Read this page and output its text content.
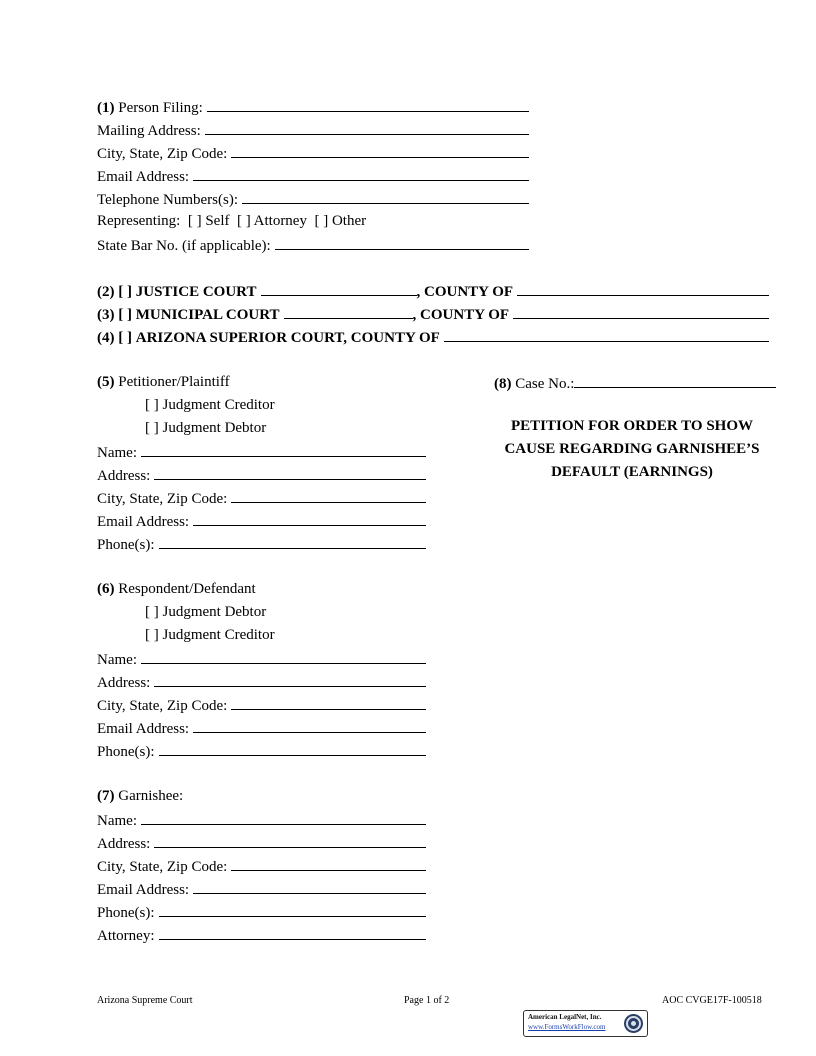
(1)
Person Filing:
Mailing Address:
City, State, Zip Code:
Email Address:
Telephone Numbers(s):
Representing:
[ ] Self
[ ] Attorney
[ ] Other
State Bar No. (if applicable):
(2)
[ ]
JUSTICE COURT	, COUNTY OF
(3)
[ ]
MUNICIPAL COURT	, COUNTY OF
(4)
[ ]
ARIZONA SUPERIOR COURT, COUNTY OF
(5)
Petitioner/Plaintiff
[ ] Judgment Creditor
[ ] Judgment Debtor
Name:
Address:
City, State, Zip Code:
Email Address:
Phone(s):
(8)
Case No.:
PETITION FOR ORDER TO SHOW
CAUSE REGARDING GARNISHEE’S
DEFAULT (EARNINGS)
(6)
Respondent/Defendant
[ ] Judgment Debtor
[ ] Judgment Creditor
Name:
Address:
City, State, Zip Code:
Email Address:
Phone(s):
(7)
Garnishee:
Name:
Address:
City, State, Zip Code:
Email Address:
Phone(s):
Attorney:
Arizona Supreme Court	Page 1 of 2	AOC CVGE17F-100518
American LegalNet, Inc.
www.FormsWorkFlow.com
